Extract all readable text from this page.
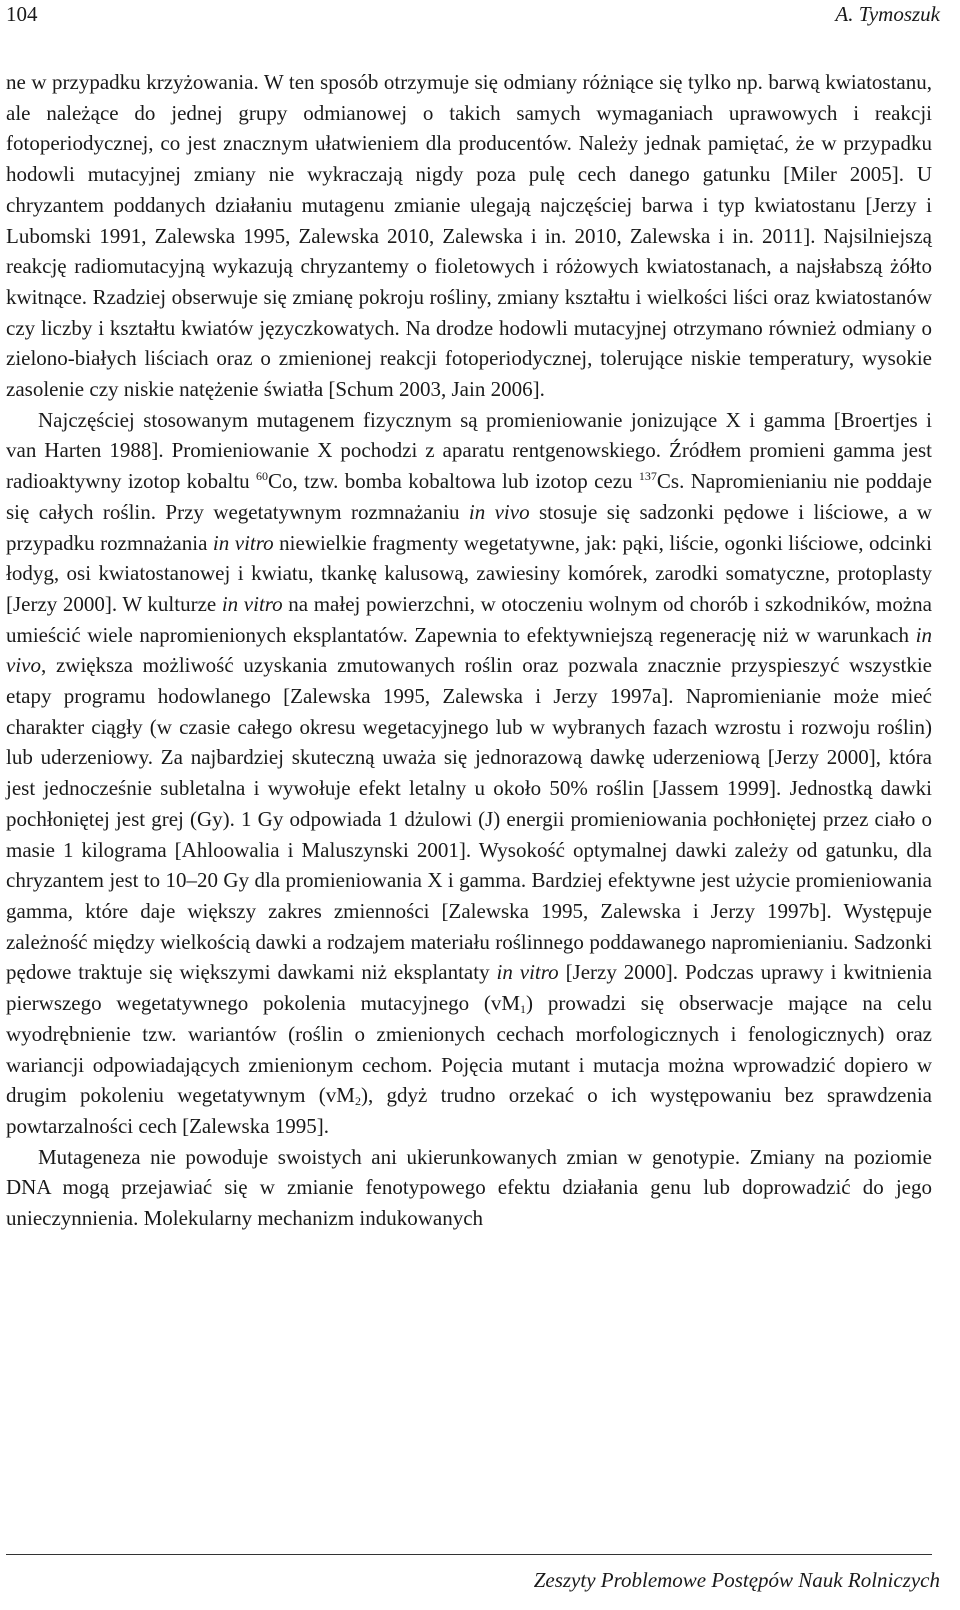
104	A. Tymoszuk

ne w przypadku krzyżowania. W ten sposób otrzymuje się odmiany różniące się tylko np. barwą kwiatostanu, ale należące do jednej grupy odmianowej o takich samych wymaganiach uprawowych i reakcji fotoperiodycznej, co jest znacznym ułatwieniem dla producentów. Należy jednak pamiętać, że w przypadku hodowli mutacyjnej zmiany nie wykraczają nigdy poza pulę cech danego gatunku [Miler 2005]. U chryzantem poddanych działaniu mutagenu zmianie ulegają najczęściej barwa i typ kwiatostanu [Jerzy i Lubomski 1991, Zalewska 1995, Zalewska 2010, Zalewska i in. 2010, Zalewska i in. 2011]. Najsilniejszą reakcję radiomutacyjną wykazują chryzantemy o fioletowych i różowych kwiatostanach, a najsłabszą żółto kwitnące. Rzadziej obserwuje się zmianę pokroju rośliny, zmiany kształtu i wielkości liści oraz kwiatostanów czy liczby i kształtu kwiatów języczkowatych. Na drodze hodowli mutacyjnej otrzymano również odmiany o zielono-białych liściach oraz o zmienionej reakcji fotoperiodycznej, tolerujące niskie temperatury, wysokie zasolenie czy niskie natężenie światła [Schum 2003, Jain 2006].

Najczęściej stosowanym mutagenem fizycznym są promieniowanie jonizujące X i gamma [Broertjes i van Harten 1988]. Promieniowanie X pochodzi z aparatu rentgenowskiego. Źródłem promieni gamma jest radioaktywny izotop kobaltu $^{60}$Co, tzw. bomba kobaltowa lub izotop cezu $^{137}$Cs. Napromienianiu nie poddaje się całych roślin. Przy wegetatywnym rozmnażaniu in vivo stosuje się sadzonki pędowe i liściowe, a w przypadku rozmnażania in vitro niewielkie fragmenty wegetatywne, jak: pąki, liście, ogonki liściowe, odcinki łodyg, osi kwiatostanowej i kwiatu, tkankę kalusową, zawiesiny komórek, zarodki somatyczne, protoplasty [Jerzy 2000]. W kulturze in vitro na małej powierzchni, w otoczeniu wolnym od chorób i szkodników, można umieścić wiele napromienionych eksplantatów. Zapewnia to efektywniejszą regenerację niż w warunkach in vivo, zwiększa możliwość uzyskania zmutowanych roślin oraz pozwala znacznie przyspieszyć wszystkie etapy programu hodowlanego [Zalewska 1995, Zalewska i Jerzy 1997a]. Napromienianie może mieć charakter ciągły (w czasie całego okresu wegetacyjnego lub w wybranych fazach wzrostu i rozwoju roślin) lub uderzeniowy. Za najbardziej skuteczną uważa się jednorazową dawkę uderzeniową [Jerzy 2000], która jest jednocześnie subletalna i wywołuje efekt letalny u około 50% roślin [Jassem 1999]. Jednostką dawki pochłoniętej jest grej (Gy). 1 Gy odpowiada 1 dżulowi (J) energii promieniowania pochłoniętej przez ciało o masie 1 kilograma [Ahloowalia i Maluszynski 2001]. Wysokość optymalnej dawki zależy od gatunku, dla chryzantem jest to 10–20 Gy dla promieniowania X i gamma. Bardziej efektywne jest użycie promieniowania gamma, które daje większy zakres zmienności [Zalewska 1995, Zalewska i Jerzy 1997b]. Występuje zależność między wielkością dawki a rodzajem materiału roślinnego poddawanego napromienianiu. Sadzonki pędowe traktuje się większymi dawkami niż eksplantaty in vitro [Jerzy 2000]. Podczas uprawy i kwitnienia pierwszego wegetatywnego pokolenia mutacyjnego $(vM_1)$ prowadzi się obserwacje mające na celu wyodrębnienie tzw. wariantów (roślin o zmienionych cechach morfologicznych i fenologicznych) oraz wariancji odpowiadających zmienionym cechom. Pojęcia mutant i mutacja można wprowadzić dopiero w drugim pokoleniu wegetatywnym $(vM_2)$, gdyż trudno orzekać o ich występowaniu bez sprawdzenia powtarzalności cech [Zalewska 1995].

Mutageneza nie powoduje swoistych ani ukierunkowanych zmian w genotypie. Zmiany na poziomie DNA mogą przejawiać się w zmianie fenotypowego efektu działania genu lub doprowadzić do jego unieczynnienia. Molekularny mechanizm indukowanych

Zeszyty Problemowe Postępów Nauk Rolniczych
